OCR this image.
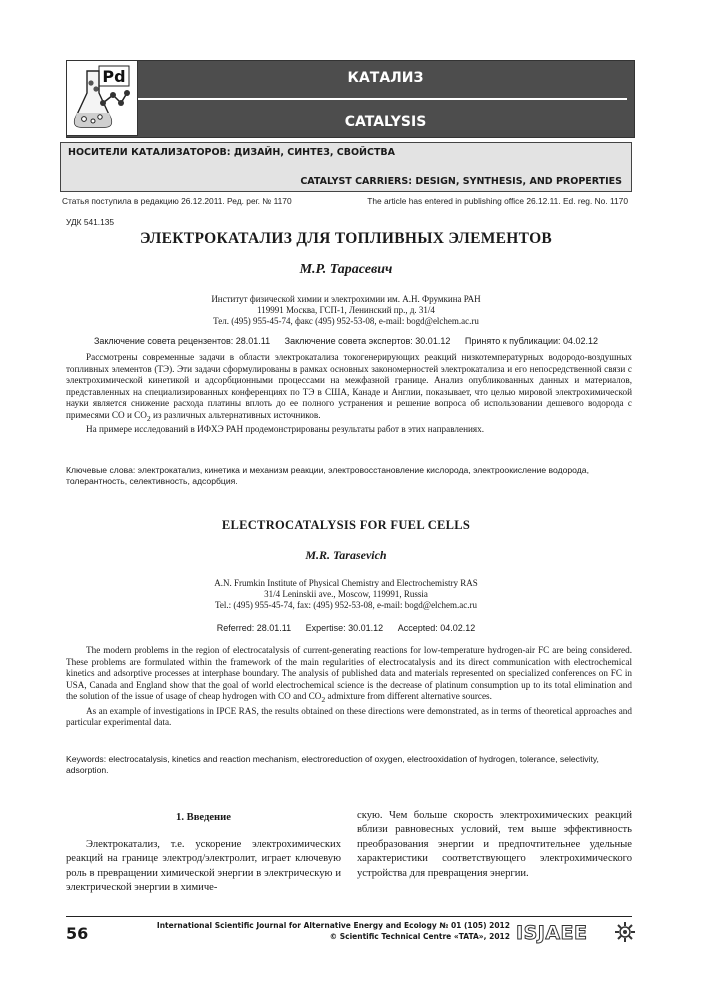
Pd	КАТАЛИЗ
CATALYSIS
НОСИТЕЛИ КАТАЛИЗАТОРОВ: ДИЗАЙН, СИНТЕЗ, СВОЙСТВА
CATALYST CARRIERS: DESIGN, SYNTHESIS, AND PROPERTIES
Статья поступила в редакцию 26.12.2011. Ред. рег. № 1170	The article has entered in publishing office 26.12.11. Ed. reg. No. 1170
УДК 541.135
ЭЛЕКТРОКАТАЛИЗ ДЛЯ ТОПЛИВНЫХ ЭЛЕМЕНТОВ
М.Р. Тарасевич
Институт физической химии и электрохимии им. А.Н. Фрумкина РАН
119991 Москва, ГСП-1, Ленинский пр., д. 31/4
Тел. (495) 955-45-74, факс (495) 952-53-08, e-mail: bogd@elchem.ac.ru
Заключение совета рецензентов: 28.01.11 Заключение совета экспертов: 30.01.12 Принято к публикации: 04.02.12

Рассмотрены современные задачи в области электрокатализа токогенерирующих реакций низкотемпературных водородо-воздушных топливных элементов (ТЭ). Эти задачи сформулированы в рамках основных закономерностей электрокатализа и его непосредственной связи с электрохимической кинетикой и адсорбционными процессами на межфазной границе. Анализ опубликованных данных и материалов, представленных на специализированных конференциях по ТЭ в США, Канаде и Англии, показывает, что целью мировой электрохимической науки является снижение расхода платины вплоть до ее полного устранения и решение вопроса об использовании дешевого водорода с примесями CO и $CO_2$ из различных альтернативных источников.

На примере исследований в ИФХЭ РАН продемонстрированы результаты работ в этих направлениях.

Ключевые слова: электрокатализ, кинетика и механизм реакции, электровосстановление кислорода, электроокисление водорода, толерантность, селективность, адсорбция.
ELECTROCATALYSIS FOR FUEL CELLS
M.R. Tarasevich
A.N. Frumkin Institute of Physical Chemistry and Electrochemistry RAS
31/4 Leninskii ave., Moscow, 119991, Russia
Tel.: (495) 955-45-74, fax: (495) 952-53-08, e-mail: bogd@elchem.ac.ru
Referred: 28.01.11 Expertise: 30.01.12 Accepted: 04.02.12

The modern problems in the region of electrocatalysis of current-generating reactions for low-temperature hydrogen-air FC are being considered. These problems are formulated within the framework of the main regularities of electrocatalysis and its direct communication with electrochemical kinetics and adsorptive processes at interphase boundary. The analysis of published data and materials represented on specialized conferences on FC in USA, Canada and England show that the goal of world electrochemical science is the decrease of platinum consumption up to its total elimination and the solution of the issue of usage of cheap hydrogen with CO and $CO_2$ admixture from different alternative sources.

As an example of investigations in IPCE RAS, the results obtained on these directions were demonstrated, as in terms of theoretical approaches and particular experimental data.

Keywords: electrocatalysis, kinetics and reaction mechanism, electroreduction of oxygen, electrooxidation of hydrogen, tolerance, selectivity, adsorption.
1. Введение

Электрокатализ, т.е. ускорение электрохимических реакций на границе электрод/электролит, играет ключевую роль в превращении химической энергии в электрическую и электрической энергии в химиче-

скую. Чем больше скорость электрохимических реакций вблизи равновесных условий, тем выше эффективность преобразования энергии и предпочтительнее удельные характеристики соответствующего электрохимического устройства для превращения энергии.

56	International Scientific Journal for Alternative Energy and Ecology № 01 (105) 2012
© Scientific Technical Centre «TATA», 2012 ISJAEE
